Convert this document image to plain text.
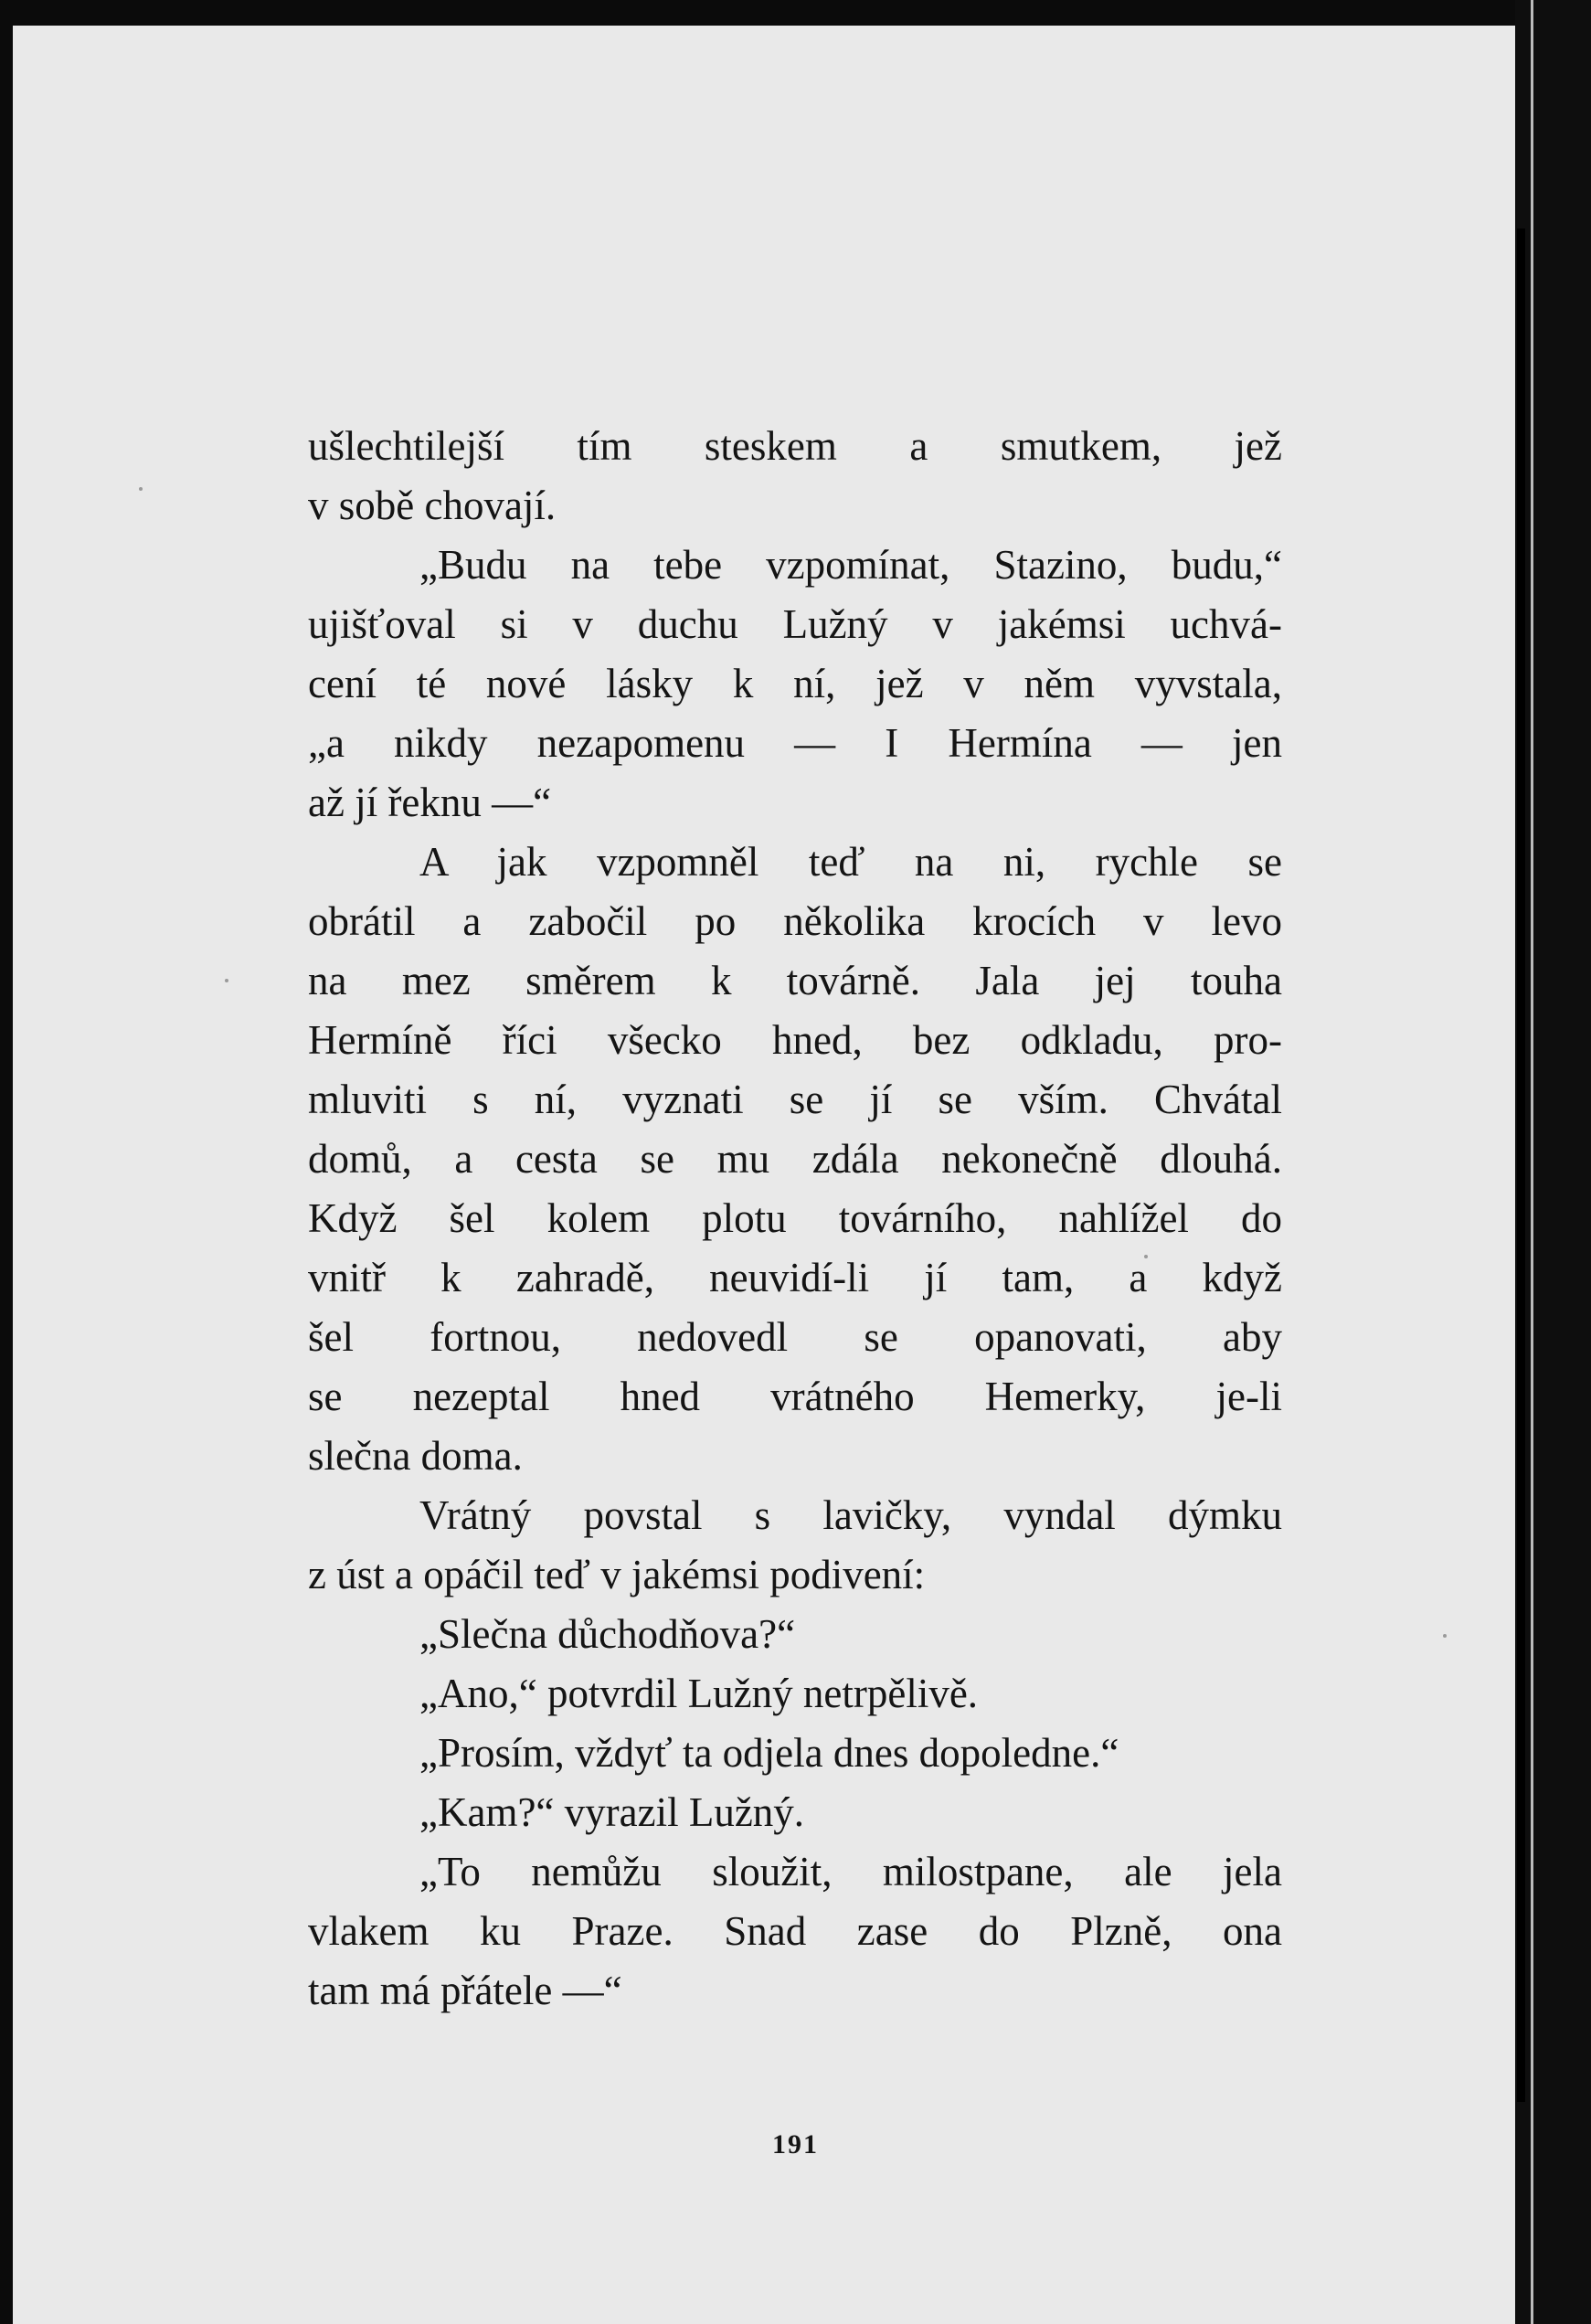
ušlechtilejší tím steskem a smutkem, jež
v sobě chovají.
„Budu na tebe vzpomínat, Stazino, budu,“
ujišťoval si v duchu Lužný v jakémsi uchvá-
cení té nové lásky k ní, jež v něm vyvstala,
„a nikdy nezapomenu — I Hermína — jen
až jí řeknu —“
A jak vzpomněl teď na ni, rychle se
obrátil a zabočil po několika krocích v levo
na mez směrem k továrně. Jala jej touha
Hermíně říci všecko hned, bez odkladu, pro-
mluviti s ní, vyznati se jí se vším. Chvátal
domů, a cesta se mu zdála nekonečně dlouhá.
Když šel kolem plotu továrního, nahlížel do
vnitř k zahradě, neuvidí-li jí tam, a když
šel fortnou, nedovedl se opanovati, aby
se nezeptal hned vrátného Hemerky, je-li
slečna doma.
Vrátný povstal s lavičky, vyndal dýmku
z úst a opáčil teď v jakémsi podivení:
„Slečna důchodňova?“
„Ano,“ potvrdil Lužný netrpělivě.
„Prosím, vždyť ta odjela dnes dopoledne.“
„Kam?“ vyrazil Lužný.
„To nemůžu sloužit, milostpane, ale jela
vlakem ku Praze. Snad zase do Plzně, ona
tam má přátele —“
191
